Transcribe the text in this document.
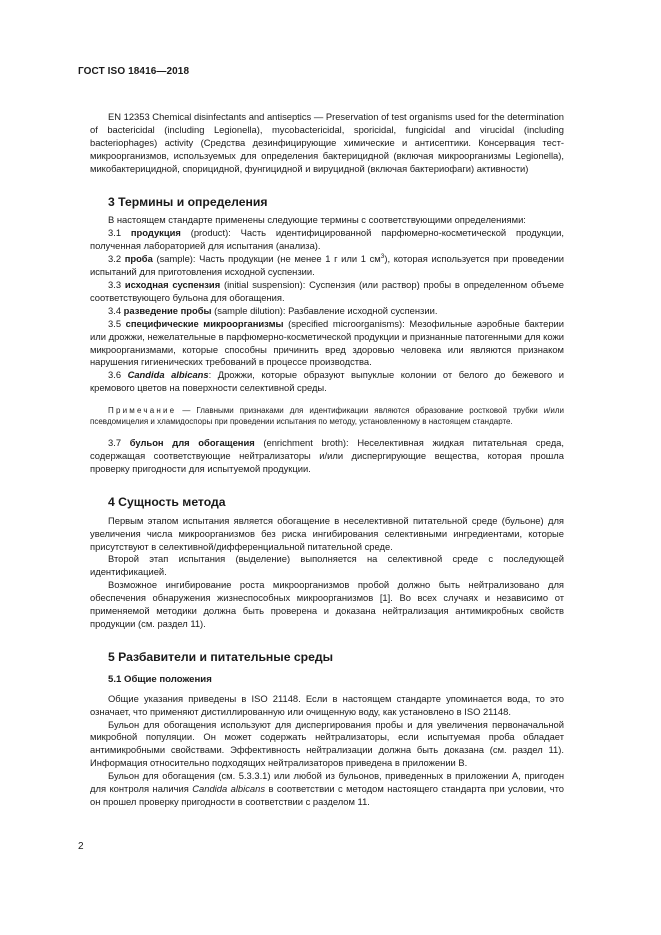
ГОСТ ISO 18416—2018

EN 12353 Chemical disinfectants and antiseptics — Preservation of test organisms used for the determination of bactericidal (including Legionella), mycobactericidal, sporicidal, fungicidal and virucidal (including bacteriophages) activity (Средства дезинфицирующие химические и антисептики. Консервация тест-микроорганизмов, используемых для определения бактерицидной (включая микроорганизмы Legionella), микобактерицидной, спорицидной, фунгицидной и вируцидной (включая бактериофаги) активности)

3 Термины и определения

В настоящем стандарте применены следующие термины с соответствующими определениями:

3.1 продукция (product): Часть идентифицированной парфюмерно-косметической продукции, полученная лабораторией для испытания (анализа).

3.2 проба (sample): Часть продукции (не менее 1 г или 1 $см^3$), которая используется при проведении испытаний для приготовления исходной суспензии.

3.3 исходная суспензия (initial suspension): Суспензия (или раствор) пробы в определенном объеме соответствующего бульона для обогащения.

3.4 разведение пробы (sample dilution): Разбавление исходной суспензии.

3.5 специфические микроорганизмы (specified microorganisms): Мезофильные аэробные бактерии или дрожжи, нежелательные в парфюмерно-косметической продукции и признанные патогенными для кожи микроорганизмами, которые способны причинить вред здоровью человека или являются признаком нарушения гигиенических требований в процессе производства.

3.6 Candida albicans: Дрожжи, которые образуют выпуклые колонии от белого до бежевого и кремового цветов на поверхности селективной среды.

Примечание — Главными признаками для идентификации являются образование ростковой трубки и/или псевдомицелия и хламидоспоры при проведении испытания по методу, установленному в настоящем стандарте.

3.7 бульон для обогащения (enrichment broth): Неселективная жидкая питательная среда, содержащая соответствующие нейтрализаторы и/или диспергирующие вещества, которая прошла проверку пригодности для испытуемой продукции.

4 Сущность метода

Первым этапом испытания является обогащение в неселективной питательной среде (бульоне) для увеличения числа микроорганизмов без риска ингибирования селективными ингредиентами, которые присутствуют в селективной/дифференциальной питательной среде.

Второй этап испытания (выделение) выполняется на селективной среде с последующей идентификацией.

Возможное ингибирование роста микроорганизмов пробой должно быть нейтрализовано для обеспечения обнаружения жизнеспособных микроорганизмов [1]. Во всех случаях и независимо от применяемой методики должна быть проверена и доказана нейтрализация антимикробных свойств продукции (см. раздел 11).

5 Разбавители и питательные среды
5.1 Общие положения

Общие указания приведены в ISO 21148. Если в настоящем стандарте упоминается вода, то это означает, что применяют дистиллированную или очищенную воду, как установлено в ISO 21148.

Бульон для обогащения используют для диспергирования пробы и для увеличения первоначальной микробной популяции. Он может содержать нейтрализаторы, если испытуемая проба обладает антимикробными свойствами. Эффективность нейтрализации должна быть доказана (см. раздел 11). Информация относительно подходящих нейтрализаторов приведена в приложении В.

Бульон для обогащения (см. 5.3.3.1) или любой из бульонов, приведенных в приложении А, пригоден для контроля наличия Candida albicans в соответствии с методом настоящего стандарта при условии, что он прошел проверку пригодности в соответствии с разделом 11.

2
